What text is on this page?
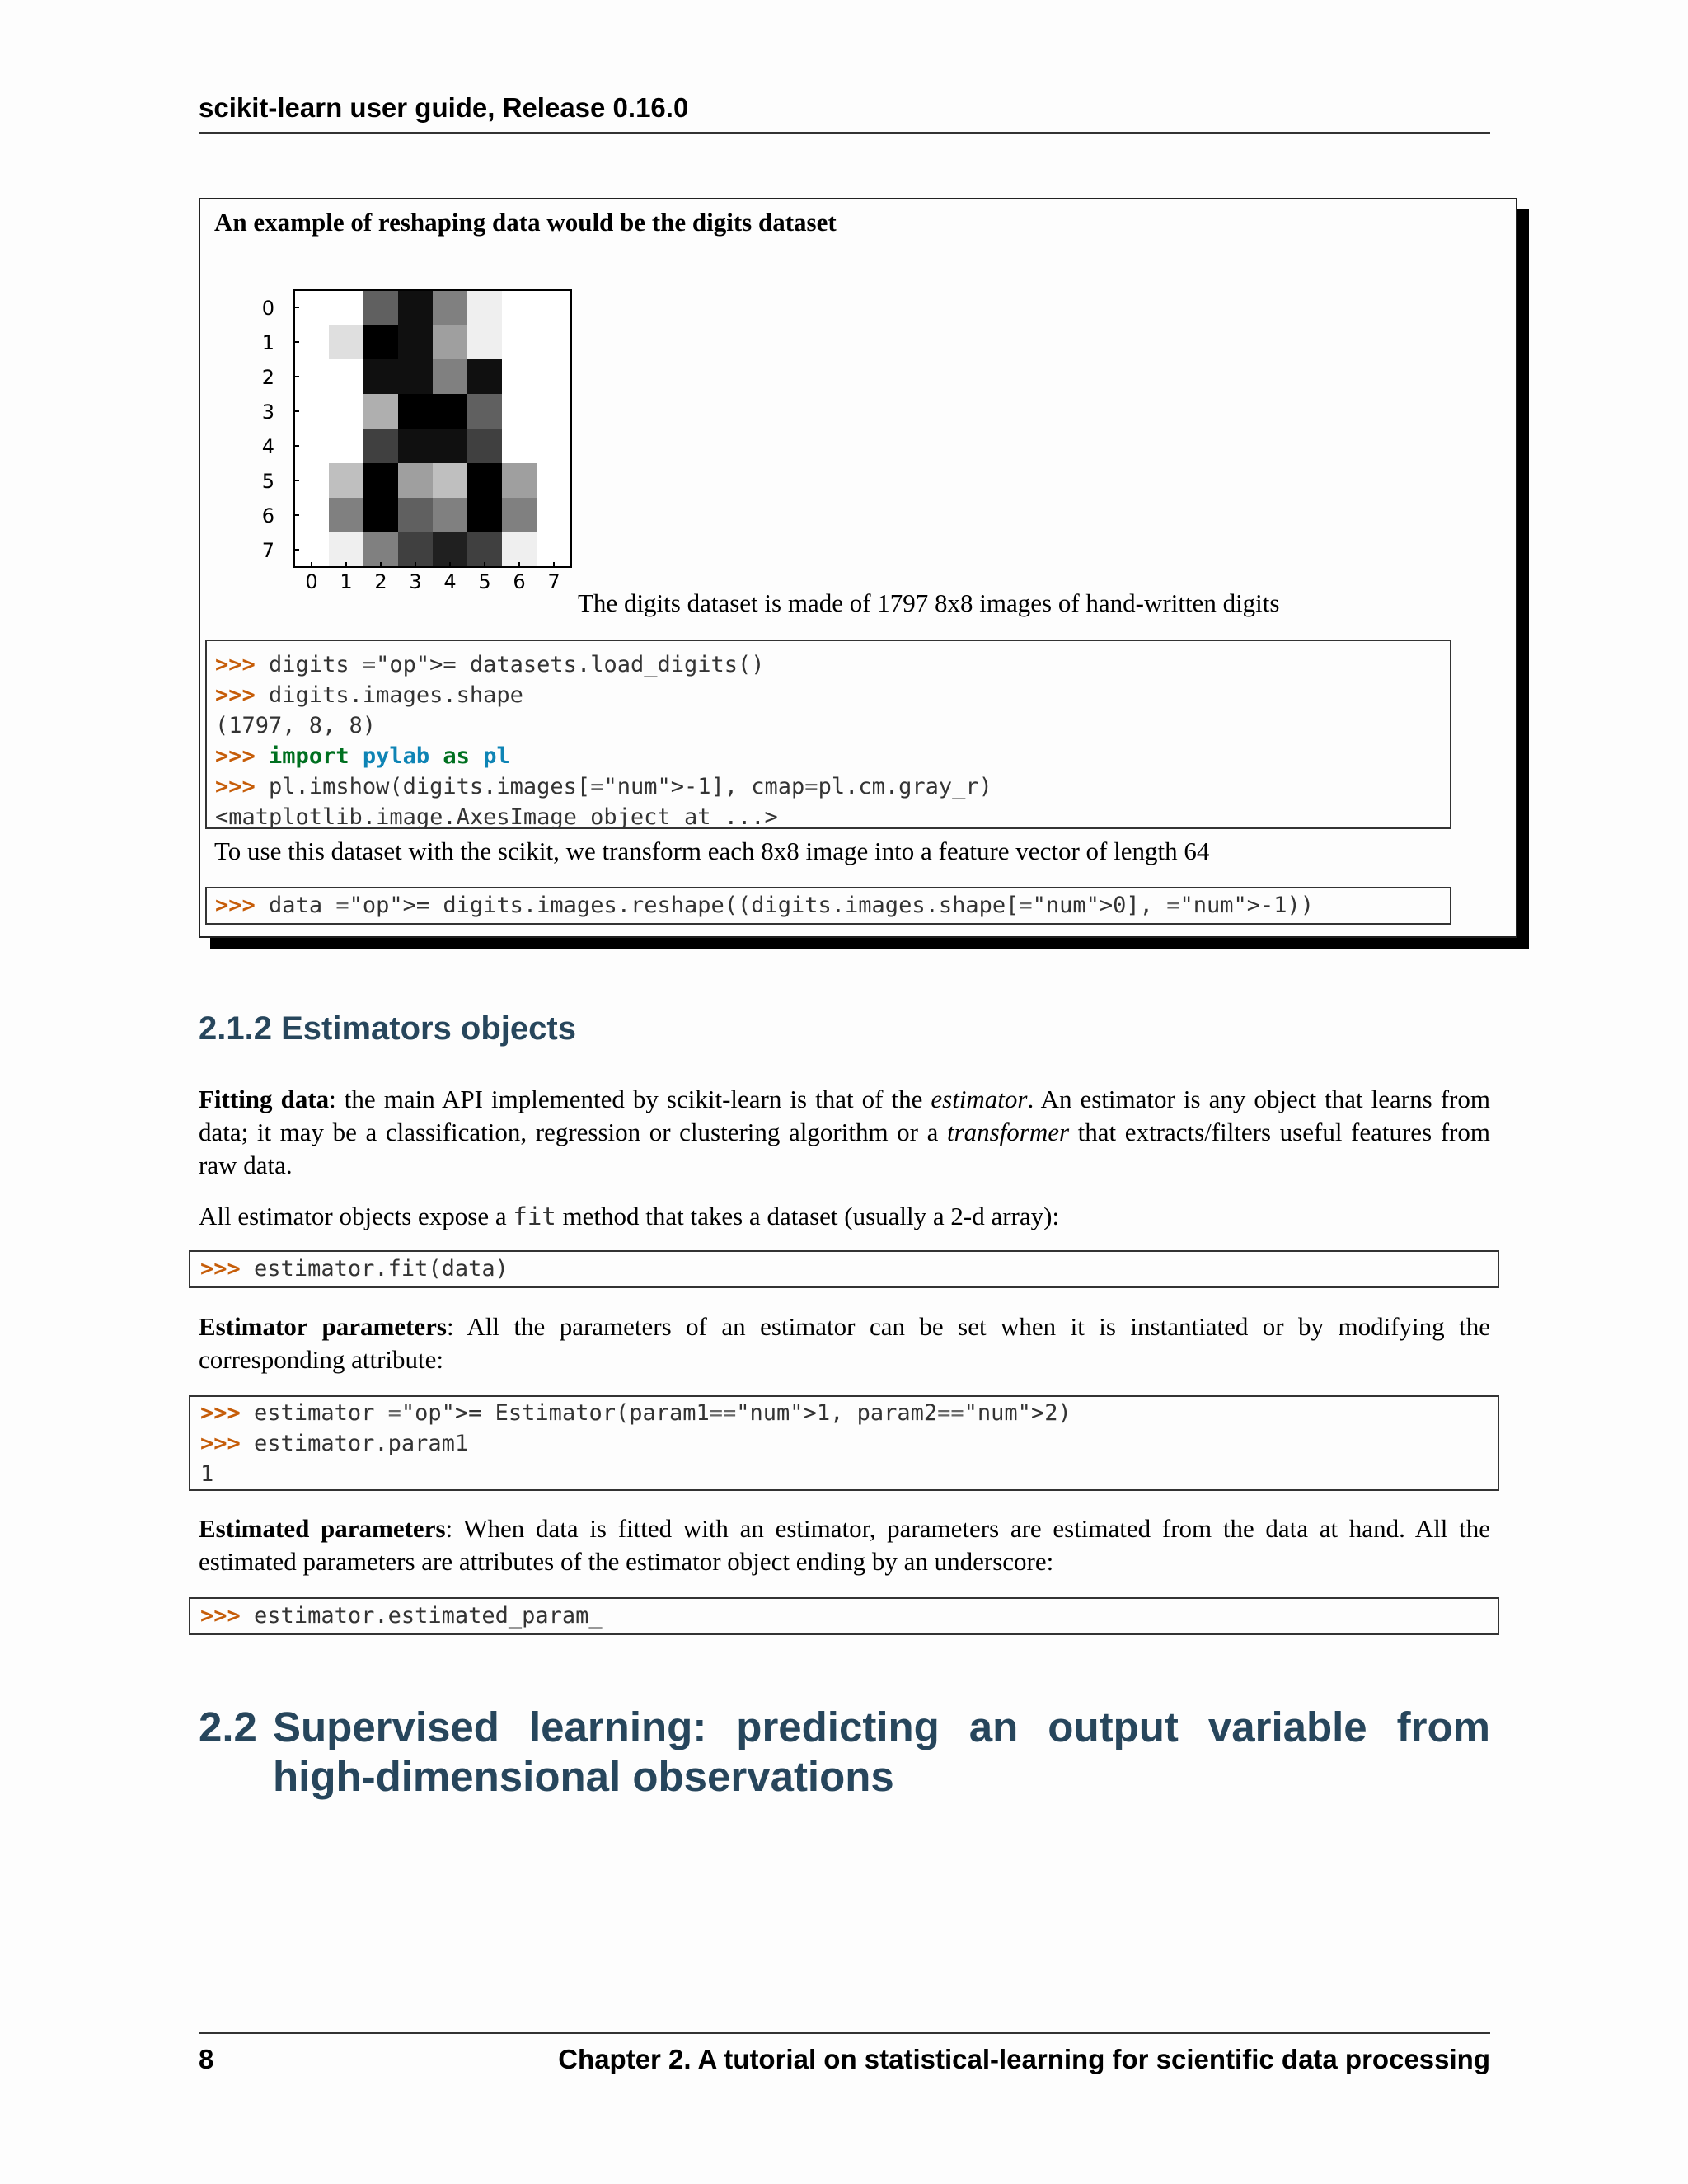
scikit-learn user guide, Release 0.16.0
An example of reshaping data would be the digits dataset
0
1
2
3
4
5
6
7
0 1 2 3 4 5 6 7
The digits dataset is made of 1797 8x8 images of hand-written digits
>>> digits ="op">= datasets.load_digits()
>>> digits.images.shape
(1797, 8, 8)
>>> import pylab as pl
>>> pl.imshow(digits.images[="num">-1], cmap=pl.cm.gray_r)
<matplotlib.image.AxesImage object at ...>
To use this dataset with the scikit, we transform each 8x8 image into a feature vector of length 64
>>> data ="op">= digits.images.reshape((digits.images.shape[="num">0], ="num">-1))
2.1.2 Estimators objects
Fitting data: the main API implemented by scikit-learn is that of the estimator. An estimator is any object that learns from data; it may be a classification, regression or clustering algorithm or a transformer that extracts/filters useful features from raw data.
All estimator objects expose a fit method that takes a dataset (usually a 2-d array):
>>> estimator.fit(data)
Estimator parameters: All the parameters of an estimator can be set when it is instantiated or by modifying the corresponding attribute:
>>> estimator ="op">= Estimator(param1=="num">1, param2=="num">2)
>>> estimator.param1
1
Estimated parameters: When data is fitted with an estimator, parameters are estimated from the data at hand. All the estimated parameters are attributes of the estimator object ending by an underscore:
>>> estimator.estimated_param_
2.2 Supervised learning: predicting an output variable from high-dimensional observations
8	Chapter 2. A tutorial on statistical-learning for scientific data processing
